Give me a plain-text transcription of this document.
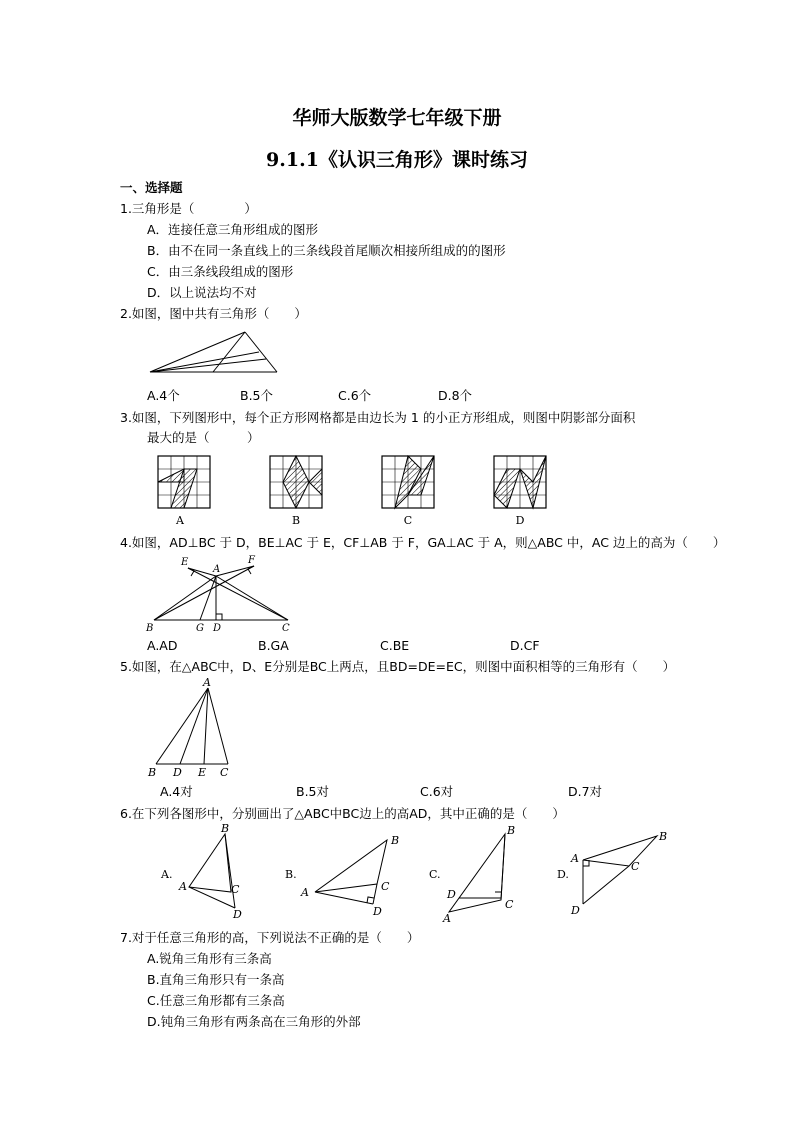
华师大版数学七年级下册
9.1.1《认识三角形》课时练习
一、选择题
1.三角形是（　　　　）
A．连接任意三角形组成的图形
B．由不在同一条直线上的三条线段首尾顺次相接所组成的的图形
C．由三条线段组成的图形
D．以上说法均不对
2.如图，图中共有三角形（　　）
A.4个	B.5个	C.6个	D.8个
3.如图，下列图形中，每个正方形网格都是由边长为 1 的小正方形组成，则图中阴影部分面积
最大的是（　　　）
A	B	C	D
4.如图，AD⊥BC 于 D，BE⊥AC 于 E，CF⊥AB 于 F，GA⊥AC 于 A，则△ABC 中，AC 边上的高为（　　）
E
A
F
B	G D	C
A.AD	B.GA	C.BE	D.CF
5.如图，在△ABC中，D、E分别是BC上两点，且BD=DE=EC，则图中面积相等的三角形有（　　）
A
B D E C
A.4对	B.5对	C.6对	D.7对
6.在下列各图形中，分别画出了△ABC中BC边上的高AD，其中正确的是（　　）
A.
B
A	C
D
B.
B
A	C
D
C.
B
D
C
A
D.
A
B
C
D
7.对于任意三角形的高，下列说法不正确的是（　　）
A.锐角三角形有三条高
B.直角三角形只有一条高
C.任意三角形都有三条高
D.钝角三角形有两条高在三角形的外部
